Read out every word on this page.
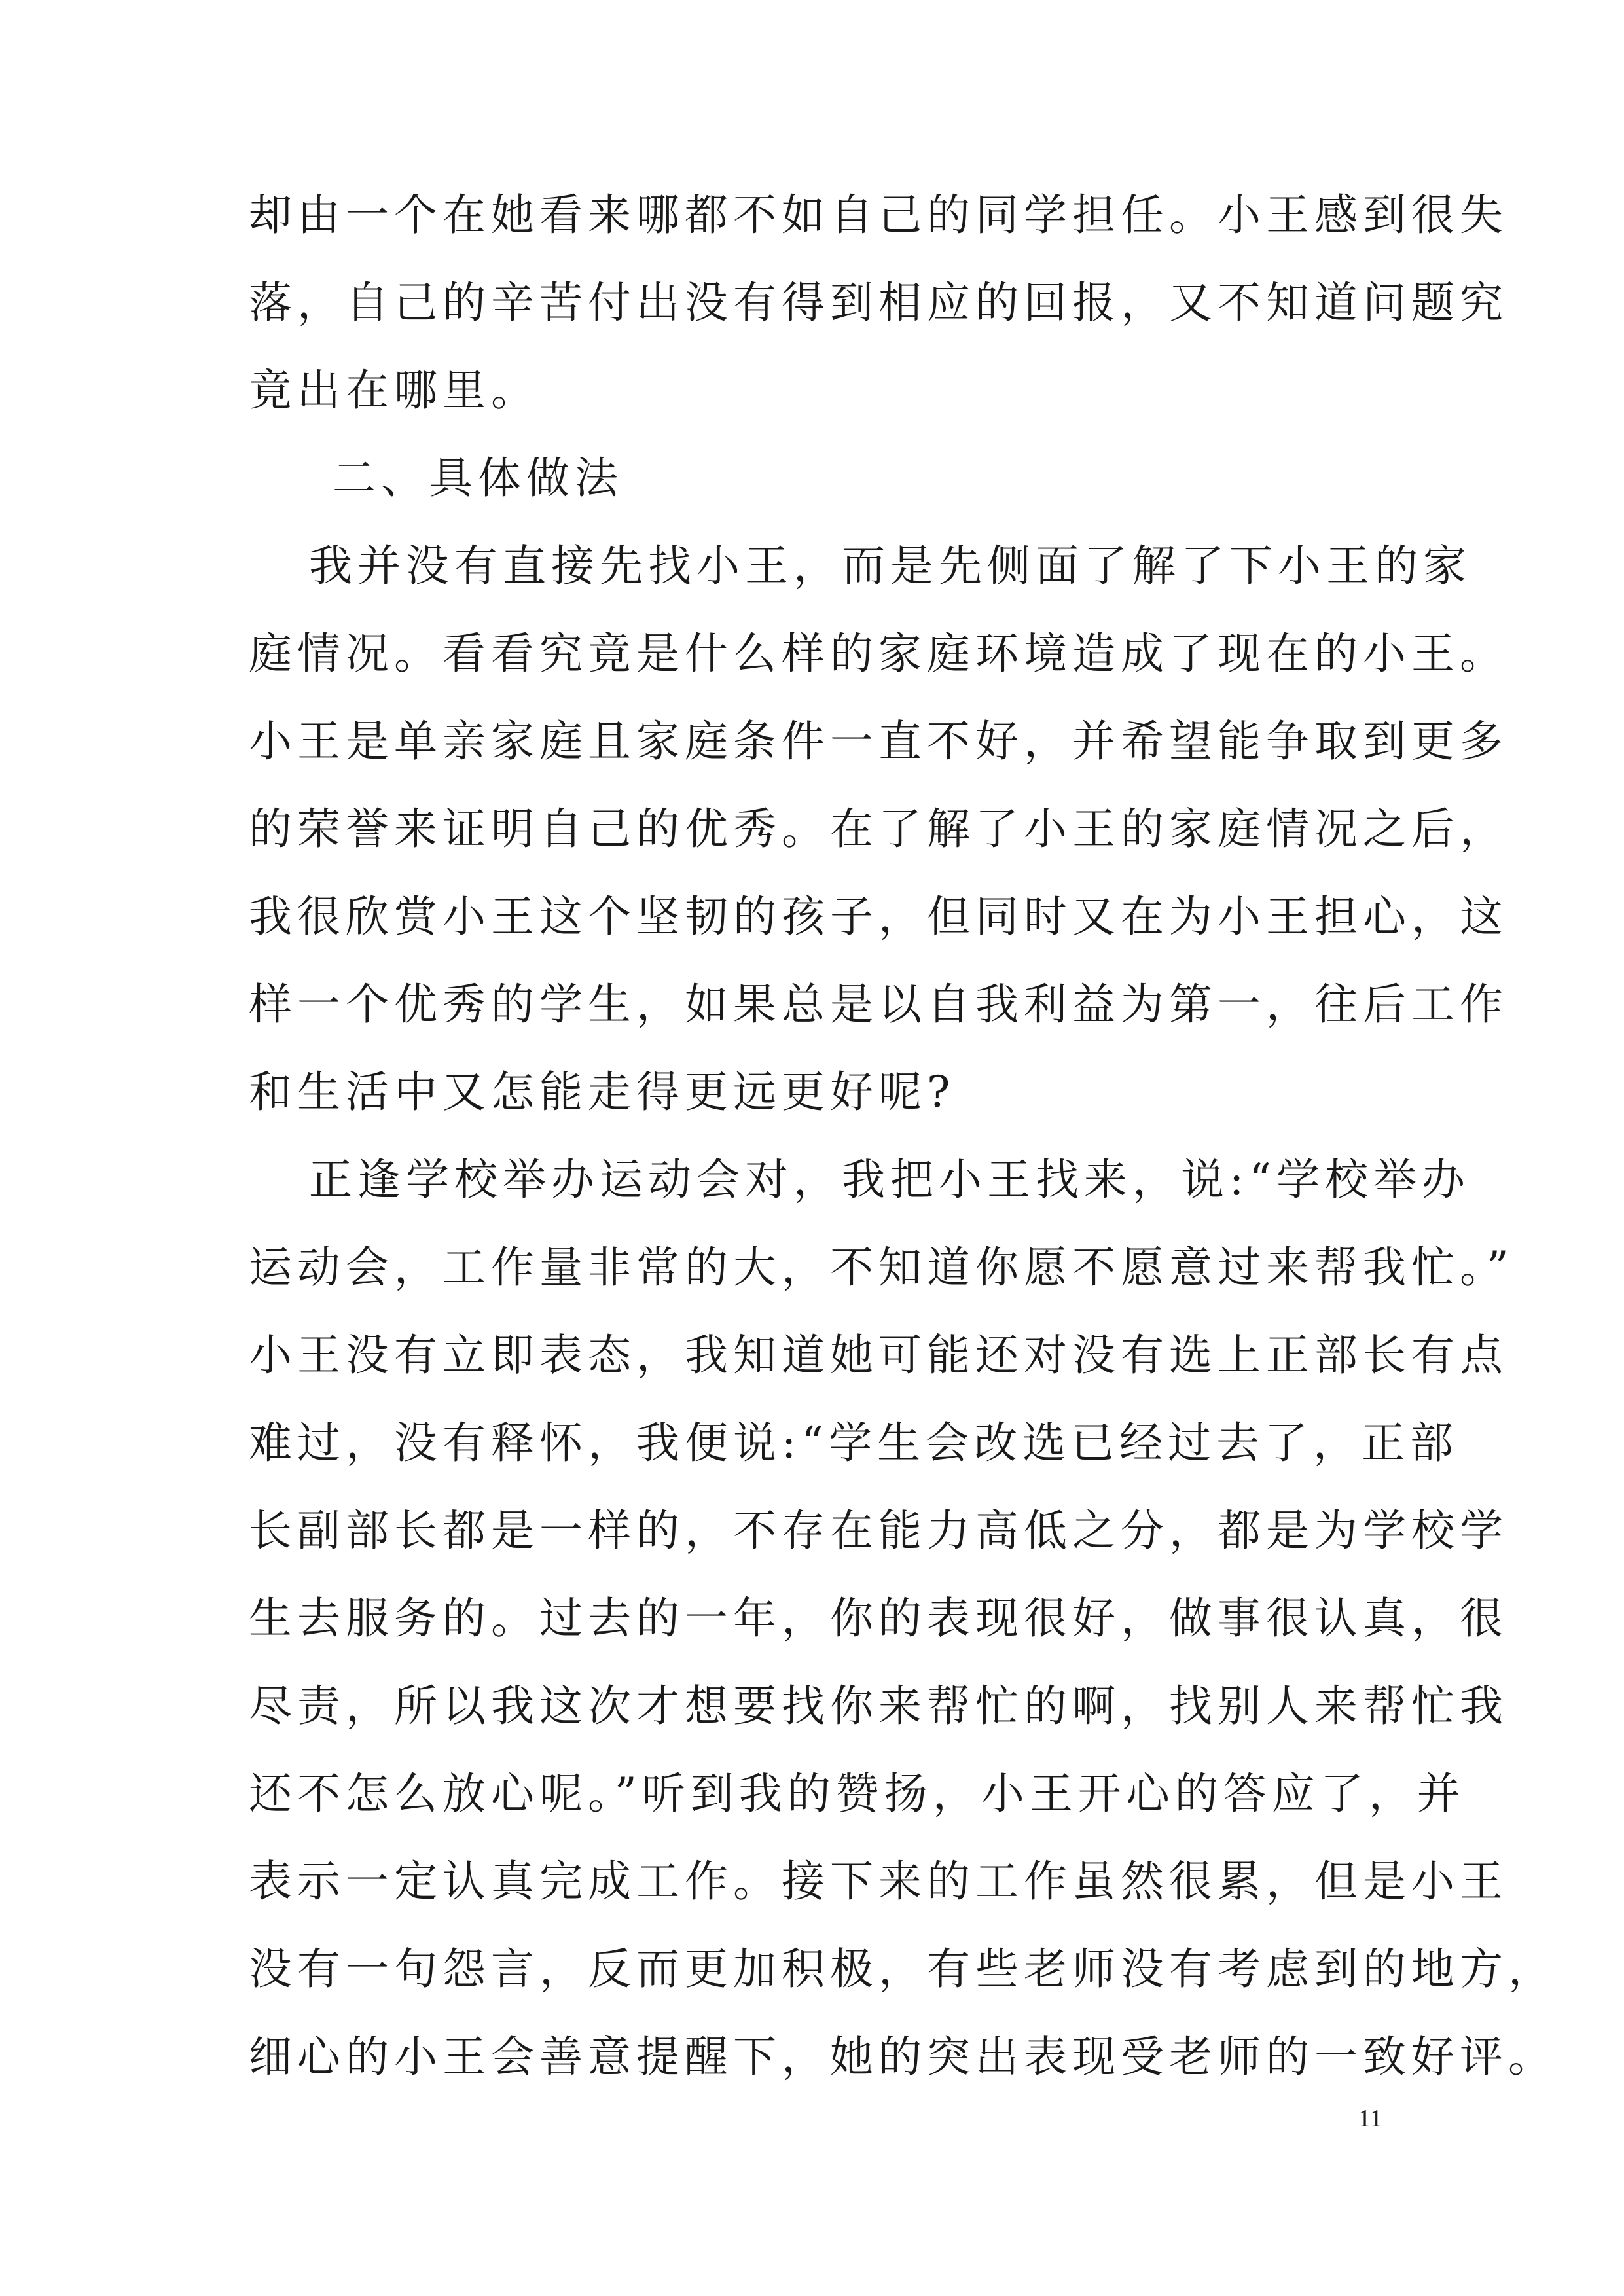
却由一个在她看来哪都不如自己的同学担任。小王感到很失
落，自己的辛苦付出没有得到相应的回报，又不知道问题究
竟出在哪里。
二、具体做法
我并没有直接先找小王，而是先侧面了解了下小王的家
庭情况。看看究竟是什么样的家庭环境造成了现在的小王。
小王是单亲家庭且家庭条件一直不好，并希望能争取到更多
的荣誉来证明自己的优秀。在了解了小王的家庭情况之后，
我很欣赏小王这个坚韧的孩子，但同时又在为小王担心，这
样一个优秀的学生，如果总是以自我利益为第一，往后工作
和生活中又怎能走得更远更好呢?
正逢学校举办运动会对，我把小王找来，说:“学校举办
运动会，工作量非常的大，不知道你愿不愿意过来帮我忙。”
小王没有立即表态，我知道她可能还对没有选上正部长有点
难过，没有释怀，我便说:“学生会改选已经过去了，正部
长副部长都是一样的，不存在能力高低之分，都是为学校学
生去服务的。过去的一年，你的表现很好，做事很认真，很
尽责，所以我这次才想要找你来帮忙的啊，找别人来帮忙我
还不怎么放心呢。”听到我的赞扬，小王开心的答应了，并
表示一定认真完成工作。接下来的工作虽然很累，但是小王
没有一句怨言，反而更加积极，有些老师没有考虑到的地方，
细心的小王会善意提醒下，她的突出表现受老师的一致好评。
11
